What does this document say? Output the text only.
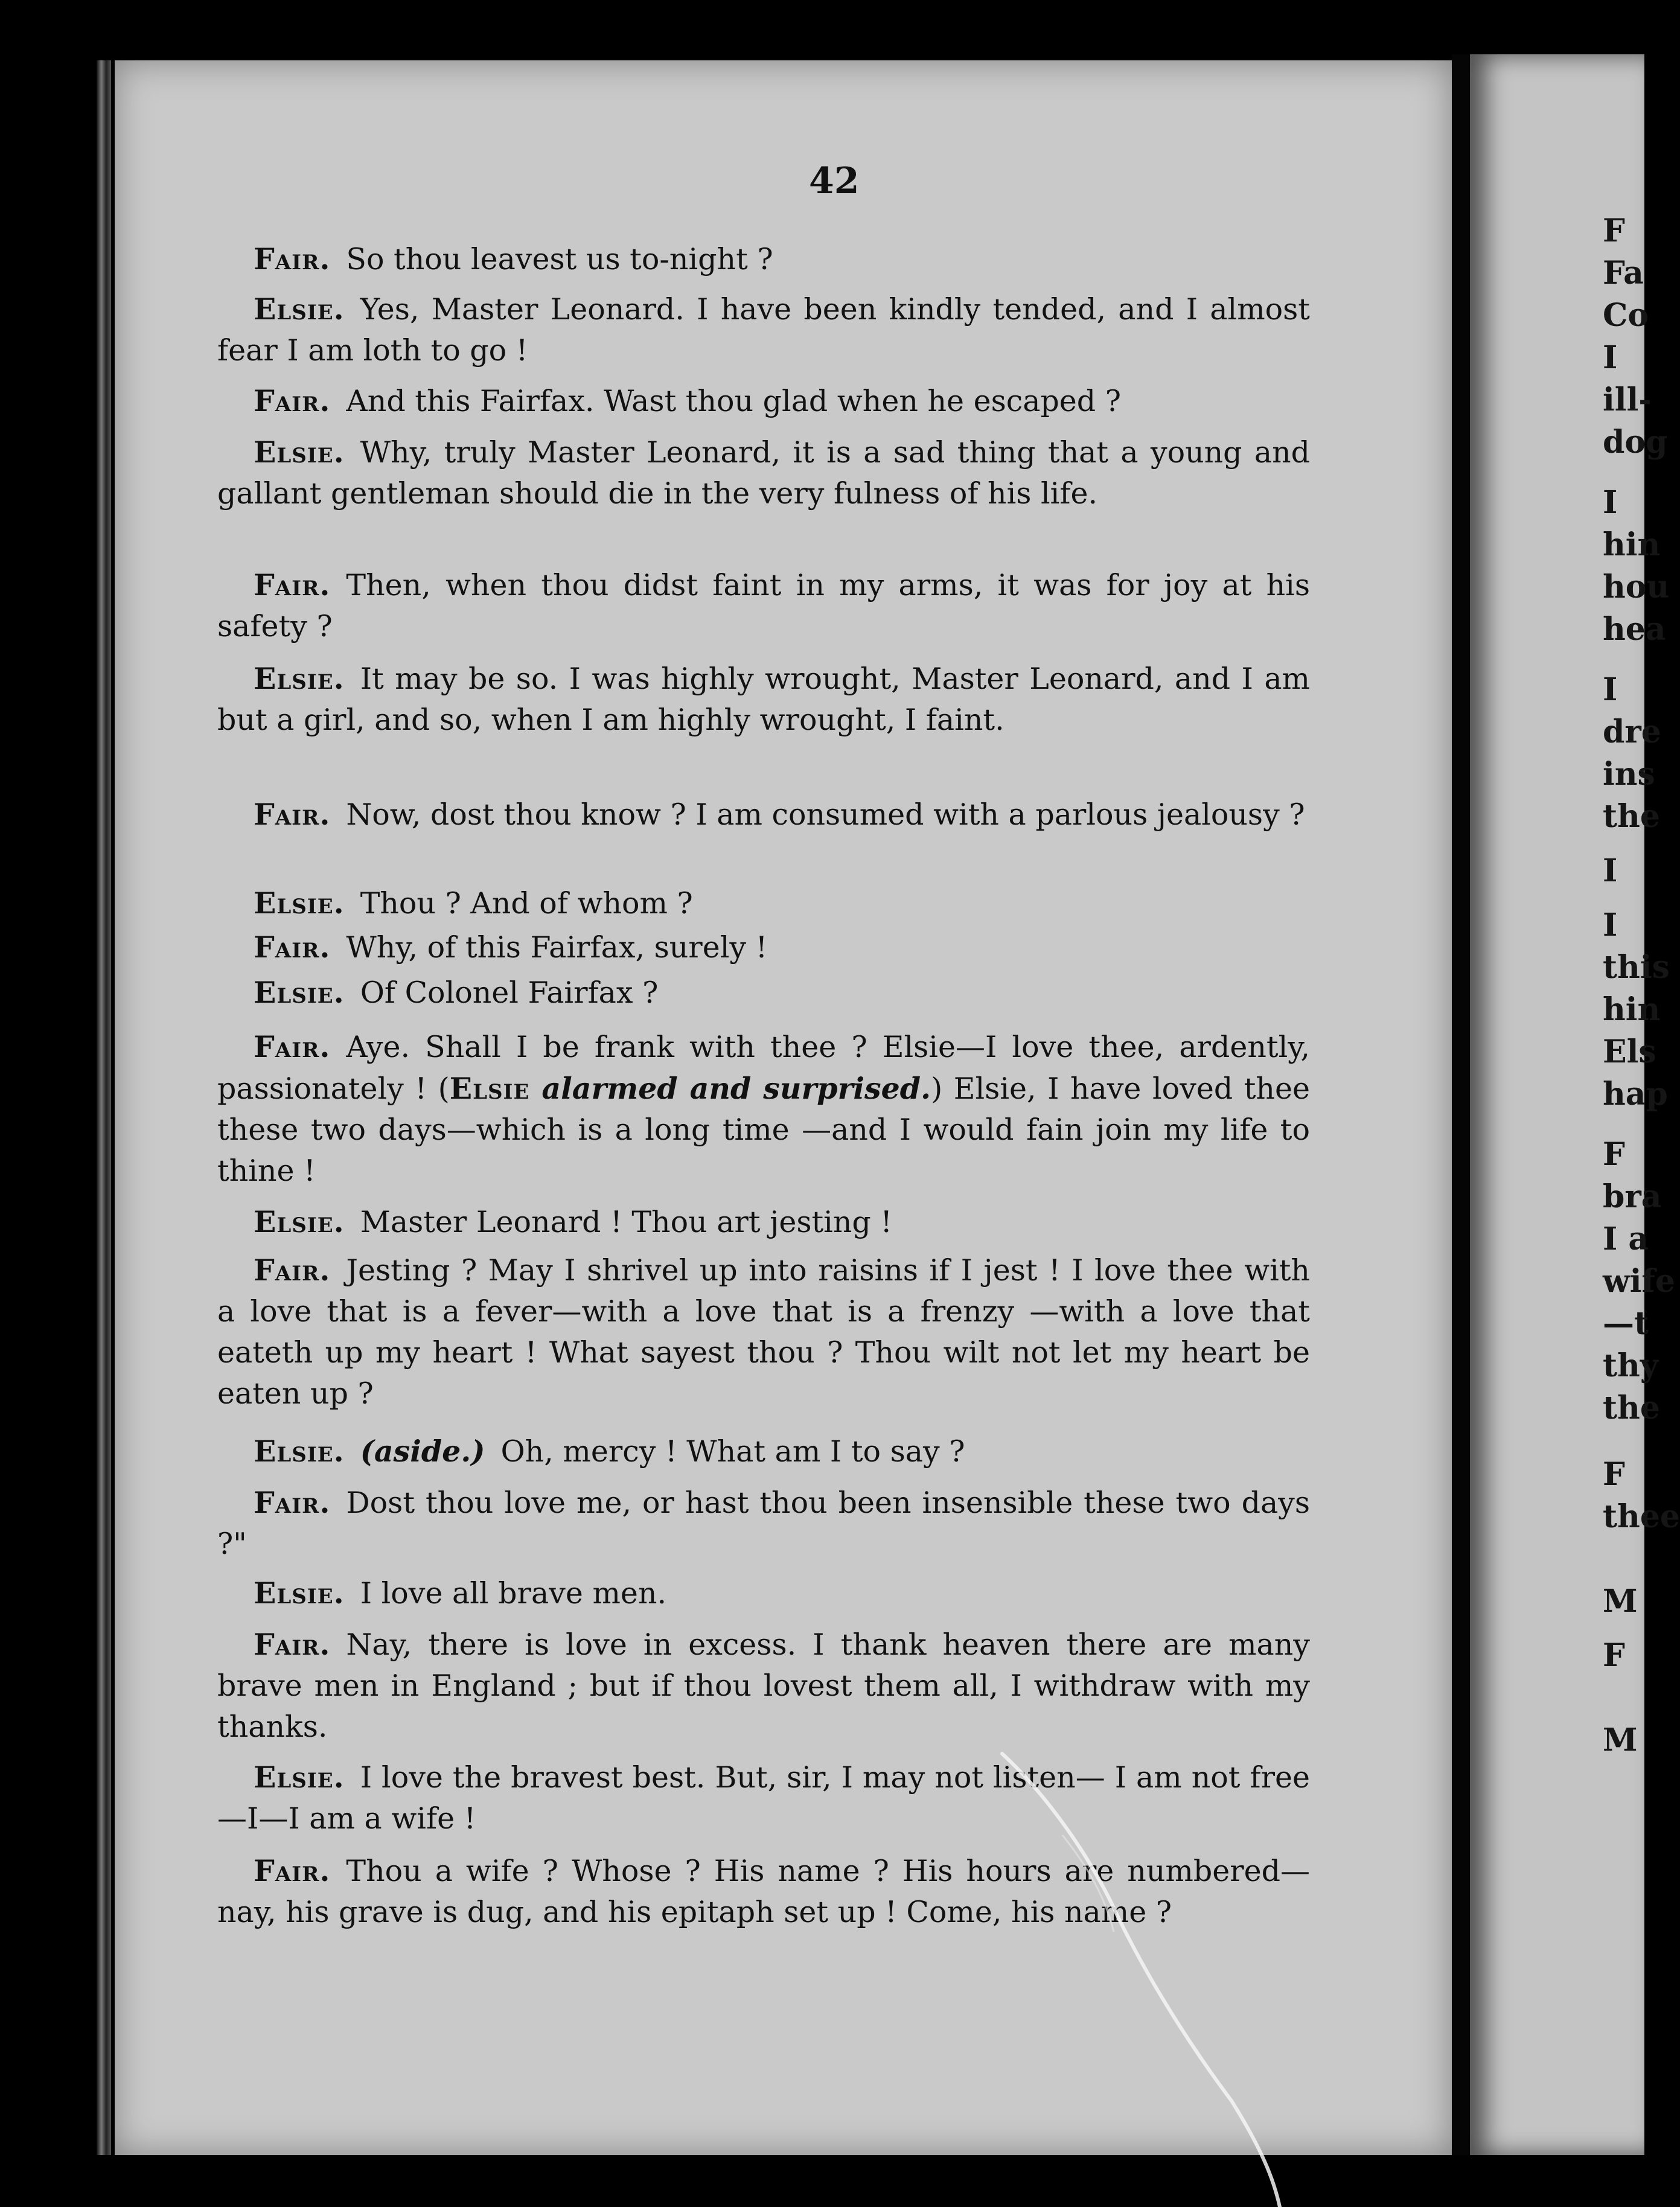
F
Fa
Co
I
ill-
dog
I
hin
hou
hea
I
dre
ins
the
I
I
this
hin
Els
hap
F
bra
I a
wife
—t
thy
the
F
thee
M
F
M
42
Fair. So thou leavest us to-night ?
Elsie. Yes, Master Leonard. I have been kindly tended, and I almost fear I am loth to go !
Fair. And this Fairfax. Wast thou glad when he escaped ?
Elsie. Why, truly Master Leonard, it is a sad thing that a young and gallant gentleman should die in the very fulness of his life.
Fair. Then, when thou didst faint in my arms, it was for joy at his safety ?
Elsie. It may be so. I was highly wrought, Master Leonard, and I am but a girl, and so, when I am highly wrought, I faint.
Fair. Now, dost thou know ? I am consumed with a parlous jealousy ?
Elsie. Thou ? And of whom ?
Fair. Why, of this Fairfax, surely !
Elsie. Of Colonel Fairfax ?
Fair. Aye. Shall I be frank with thee ? Elsie—I love thee, ardently, passionately ! (Elsie alarmed and surprised.) Elsie, I have loved thee these two days—which is a long time —and I would fain join my life to thine !
Elsie. Master Leonard ! Thou art jesting !
Fair. Jesting ? May I shrivel up into raisins if I jest ! I love thee with a love that is a fever—with a love that is a frenzy —with a love that eateth up my heart ! What sayest thou ? Thou wilt not let my heart be eaten up ?
Elsie. (aside.) Oh, mercy ! What am I to say ?
Fair. Dost thou love me, or hast thou been insensible these two days ?"
Elsie. I love all brave men.
Fair. Nay, there is love in excess. I thank heaven there are many brave men in England ; but if thou lovest them all, I withdraw with my thanks.
Elsie. I love the bravest best. But, sir, I may not listen— I am not free—I—I am a wife !
Fair. Thou a wife ? Whose ? His name ? His hours are numbered—nay, his grave is dug, and his epitaph set up ! Come, his name ?
